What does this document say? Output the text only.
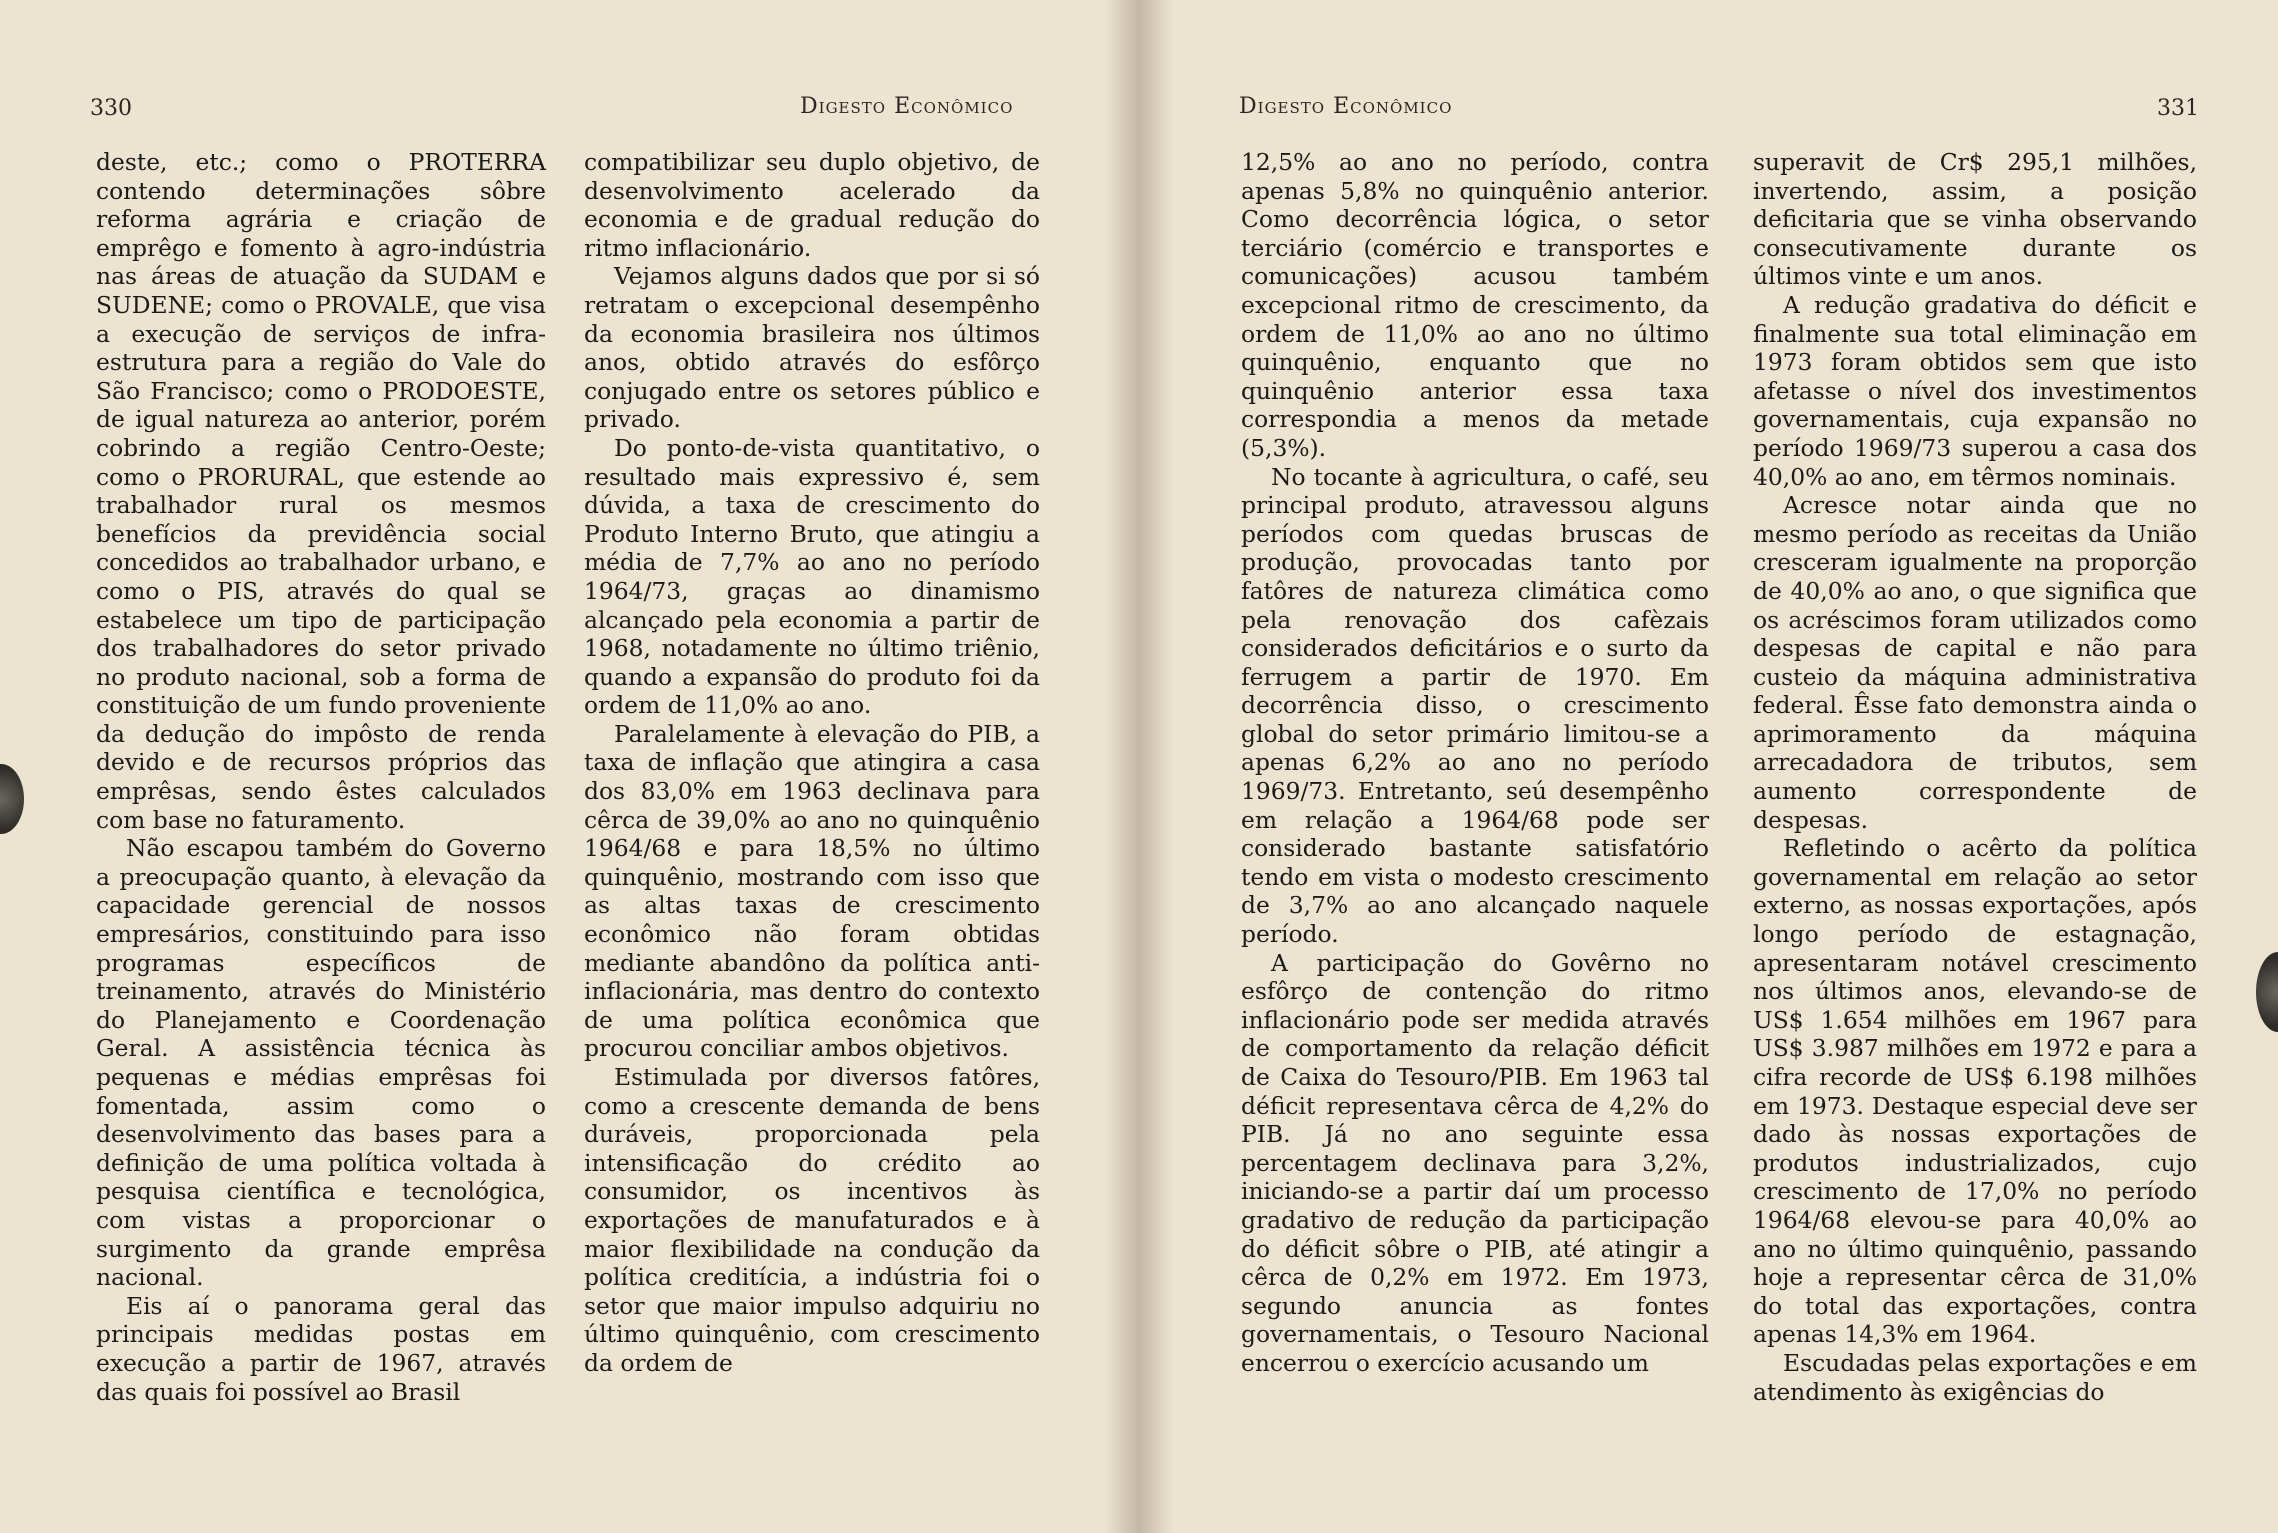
330	Digesto Econômico

deste, etc.; como o PROTERRA contendo determinações sôbre reforma agrária e criação de emprêgo e fomento à agro-indústria nas áreas de atuação da SUDAM e SUDENE; como o PROVALE, que visa a execução de serviços de infra-estrutura para a região do Vale do São Francisco; como o PRODOESTE, de igual natureza ao anterior, porém cobrindo a região Centro-Oeste; como o PRORURAL, que estende ao trabalhador rural os mesmos benefícios da previdência social concedidos ao trabalhador urbano, e como o PIS, através do qual se estabelece um tipo de participação dos trabalhadores do setor privado no produto nacional, sob a forma de constituição de um fundo proveniente da dedução do impôsto de renda devido e de recursos próprios das emprêsas, sendo êstes calculados com base no faturamento.

Não escapou também do Governo a preocupação quanto, à elevação da capacidade gerencial de nossos empresários, constituindo para isso programas específicos de treinamento, através do Ministério do Planejamento e Coordenação Geral. A assistência técnica às pequenas e médias emprêsas foi fomentada, assim como o desenvolvimento das bases para a definição de uma política voltada à pesquisa científica e tecnológica, com vistas a proporcionar o surgimento da grande emprêsa nacional.

Eis aí o panorama geral das principais medidas postas em execução a partir de 1967, através das quais foi possível ao Brasil

compatibilizar seu duplo objetivo, de desenvolvimento acelerado da economia e de gradual redução do ritmo inflacionário.

Vejamos alguns dados que por si só retratam o excepcional desempênho da economia brasileira nos últimos anos, obtido através do esfôrço conjugado entre os setores público e privado.

Do ponto-de-vista quantitativo, o resultado mais expressivo é, sem dúvida, a taxa de crescimento do Produto Interno Bruto, que atingiu a média de 7,7% ao ano no período 1964/73, graças ao dinamismo alcançado pela economia a partir de 1968, notadamente no último triênio, quando a expansão do produto foi da ordem de 11,0% ao ano.

Paralelamente à elevação do PIB, a taxa de inflação que atingira a casa dos 83,0% em 1963 declinava para cêrca de 39,0% ao ano no quinquênio 1964/68 e para 18,5% no último quinquênio, mostrando com isso que as altas taxas de crescimento econômico não foram obtidas mediante abandôno da política anti-inflacionária, mas dentro do contexto de uma política econômica que procurou conciliar ambos objetivos.

Estimulada por diversos fatôres, como a crescente demanda de bens duráveis, proporcionada pela intensificação do crédito ao consumidor, os incentivos às exportações de manufaturados e à maior flexibilidade na condução da política creditícia, a indústria foi o setor que maior impulso adquiriu no último quinquênio, com crescimento da ordem de

Digesto Econômico	331

12,5% ao ano no período, contra apenas 5,8% no quinquênio anterior. Como decorrência lógica, o setor terciário (comércio e transportes e comunicações) acusou também excepcional ritmo de crescimento, da ordem de 11,0% ao ano no último quinquênio, enquanto que no quinquênio anterior essa taxa correspondia a menos da metade (5,3%).

No tocante à agricultura, o café, seu principal produto, atravessou alguns períodos com quedas bruscas de produção, provocadas tanto por fatôres de natureza climática como pela renovação dos cafèzais considerados deficitários e o surto da ferrugem a partir de 1970. Em decorrência disso, o crescimento global do setor primário limitou-se a apenas 6,2% ao ano no período 1969/73. Entretanto, seú desempênho em relação a 1964/68 pode ser considerado bastante satisfatório tendo em vista o modesto crescimento de 3,7% ao ano alcançado naquele período.

A participação do Govêrno no esfôrço de contenção do ritmo inflacionário pode ser medida através de comportamento da relação déficit de Caixa do Tesouro/PIB. Em 1963 tal déficit representava cêrca de 4,2% do PIB. Já no ano seguinte essa percentagem declinava para 3,2%, iniciando-se a partir daí um processo gradativo de redução da participação do déficit sôbre o PIB, até atingir a cêrca de 0,2% em 1972. Em 1973, segundo anuncia as fontes governamentais, o Tesouro Nacional encerrou o exercício acusando um

superavit de Cr$ 295,1 milhões, invertendo, assim, a posição deficitaria que se vinha observando consecutivamente durante os últimos vinte e um anos.

A redução gradativa do déficit e finalmente sua total eliminação em 1973 foram obtidos sem que isto afetasse o nível dos investimentos governamentais, cuja expansão no período 1969/73 superou a casa dos 40,0% ao ano, em têrmos nominais.

Acresce notar ainda que no mesmo período as receitas da União cresceram igualmente na proporção de 40,0% ao ano, o que significa que os acréscimos foram utilizados como despesas de capital e não para custeio da máquina administrativa federal. Êsse fato demonstra ainda o aprimoramento da máquina arrecadadora de tributos, sem aumento correspondente de despesas.

Refletindo o acêrto da política governamental em relação ao setor externo, as nossas exportações, após longo período de estagnação, apresentaram notável crescimento nos últimos anos, elevando-se de US$ 1.654 milhões em 1967 para US$ 3.987 milhões em 1972 e para a cifra recorde de US$ 6.198 milhões em 1973. Destaque especial deve ser dado às nossas exportações de produtos industrializados, cujo crescimento de 17,0% no período 1964/68 elevou-se para 40,0% ao ano no último quinquênio, passando hoje a representar cêrca de 31,0% do total das exportações, contra apenas 14,3% em 1964.

Escudadas pelas exportações e em atendimento às exigências do
